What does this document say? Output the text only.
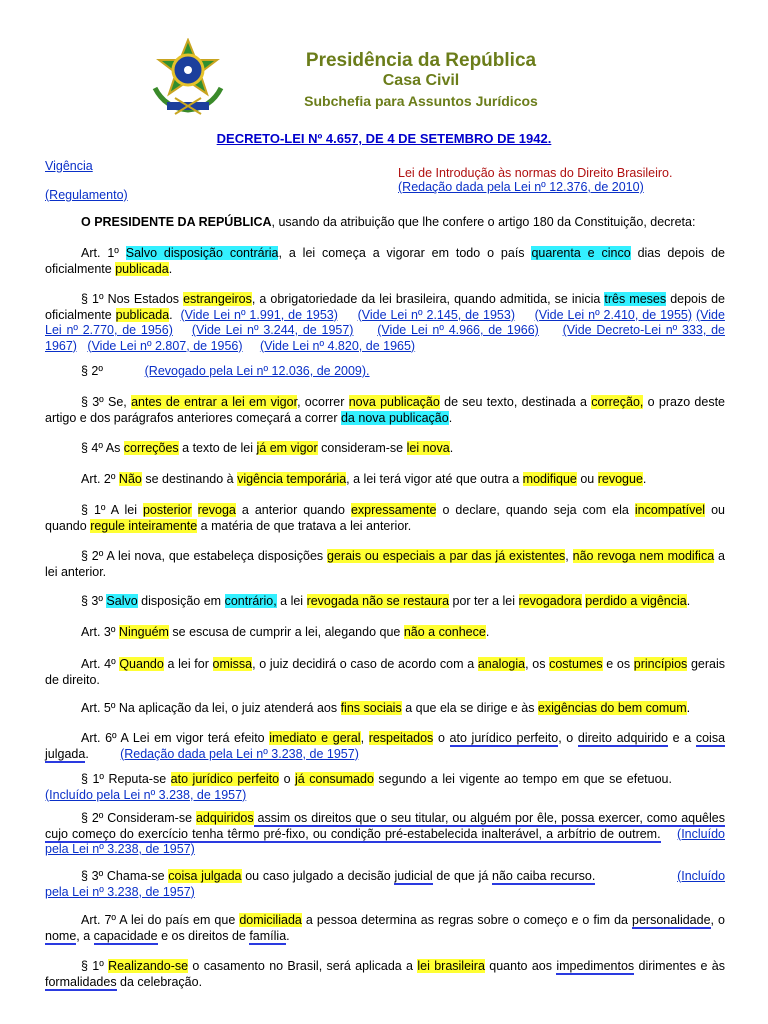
Presidência da República
Casa Civil
Subchefia para Assuntos Jurídicos
DECRETO-LEI Nº 4.657, DE 4 DE SETEMBRO DE 1942.
Vigência
(Regulamento)
Lei de Introdução às normas do Direito Brasileiro.
(Redação dada pela Lei nº 12.376, de 2010)
O PRESIDENTE DA REPÚBLICA, usando da atribuição que lhe confere o artigo 180 da Constituição, decreta:
Art. 1º Salvo disposição contrária, a lei começa a vigorar em todo o país quarenta e cinco dias depois de oficialmente publicada.
§ 1º Nos Estados estrangeiros, a obrigatoriedade da lei brasileira, quando admitida, se inicia três meses depois de oficialmente publicada. (Vide Lei nº 1.991, de 1953) (Vide Lei nº 2.145, de 1953) (Vide Lei nº 2.410, de 1955) (Vide Lei nº 2.770, de 1956) (Vide Lei nº 3.244, de 1957) (Vide Lei nº 4.966, de 1966) (Vide Decreto-Lei nº 333, de 1967) (Vide Lei nº 2.807, de 1956) (Vide Lei nº 4.820, de 1965)
§ 2º	(Revogado pela Lei nº 12.036, de 2009).
§ 3º Se, antes de entrar a lei em vigor, ocorrer nova publicação de seu texto, destinada a correção, o prazo deste artigo e dos parágrafos anteriores começará a correr da nova publicação.
§ 4º As correções a texto de lei já em vigor consideram-se lei nova.
Art. 2º Não se destinando à vigência temporária, a lei terá vigor até que outra a modifique ou revogue.
§ 1º A lei posterior revoga a anterior quando expressamente o declare, quando seja com ela incompatível ou quando regule inteiramente a matéria de que tratava a lei anterior.
§ 2º A lei nova, que estabeleça disposições gerais ou especiais a par das já existentes, não revoga nem modifica a lei anterior.
§ 3º Salvo disposição em contrário, a lei revogada não se restaura por ter a lei revogadora perdido a vigência.
Art. 3º Ninguém se escusa de cumprir a lei, alegando que não a conhece.
Art. 4º Quando a lei for omissa, o juiz decidirá o caso de acordo com a analogia, os costumes e os princípios gerais de direito.
Art. 5º Na aplicação da lei, o juiz atenderá aos fins sociais a que ela se dirige e às exigências do bem comum.
Art. 6º A Lei em vigor terá efeito imediato e geral, respeitados o ato jurídico perfeito, o direito adquirido e a coisa julgada.	(Redação dada pela Lei nº 3.238, de 1957)
§ 1º Reputa-se ato jurídico perfeito o já consumado segundo a lei vigente ao tempo em que se efetuou.             (Incluído pela Lei nº 3.238, de 1957)
§ 2º Consideram-se adquiridos assim os direitos que o seu titular, ou alguém por êle, possa exercer, como aquêles cujo começo do exercício tenha têrmo pré-fixo, ou condição pré-estabelecida inalterável, a arbítrio de outrem. (Incluído pela Lei nº 3.238, de 1957)
§ 3º Chama-se coisa julgada ou caso julgado a decisão judicial de que já não caiba recurso.	(Incluído pela Lei nº 3.238, de 1957)
Art. 7º A lei do país em que domiciliada a pessoa determina as regras sobre o começo e o fim da personalidade, o nome, a capacidade e os direitos de família.
§ 1º Realizando-se o casamento no Brasil, será aplicada a lei brasileira quanto aos impedimentos dirimentes e às formalidades da celebração.
